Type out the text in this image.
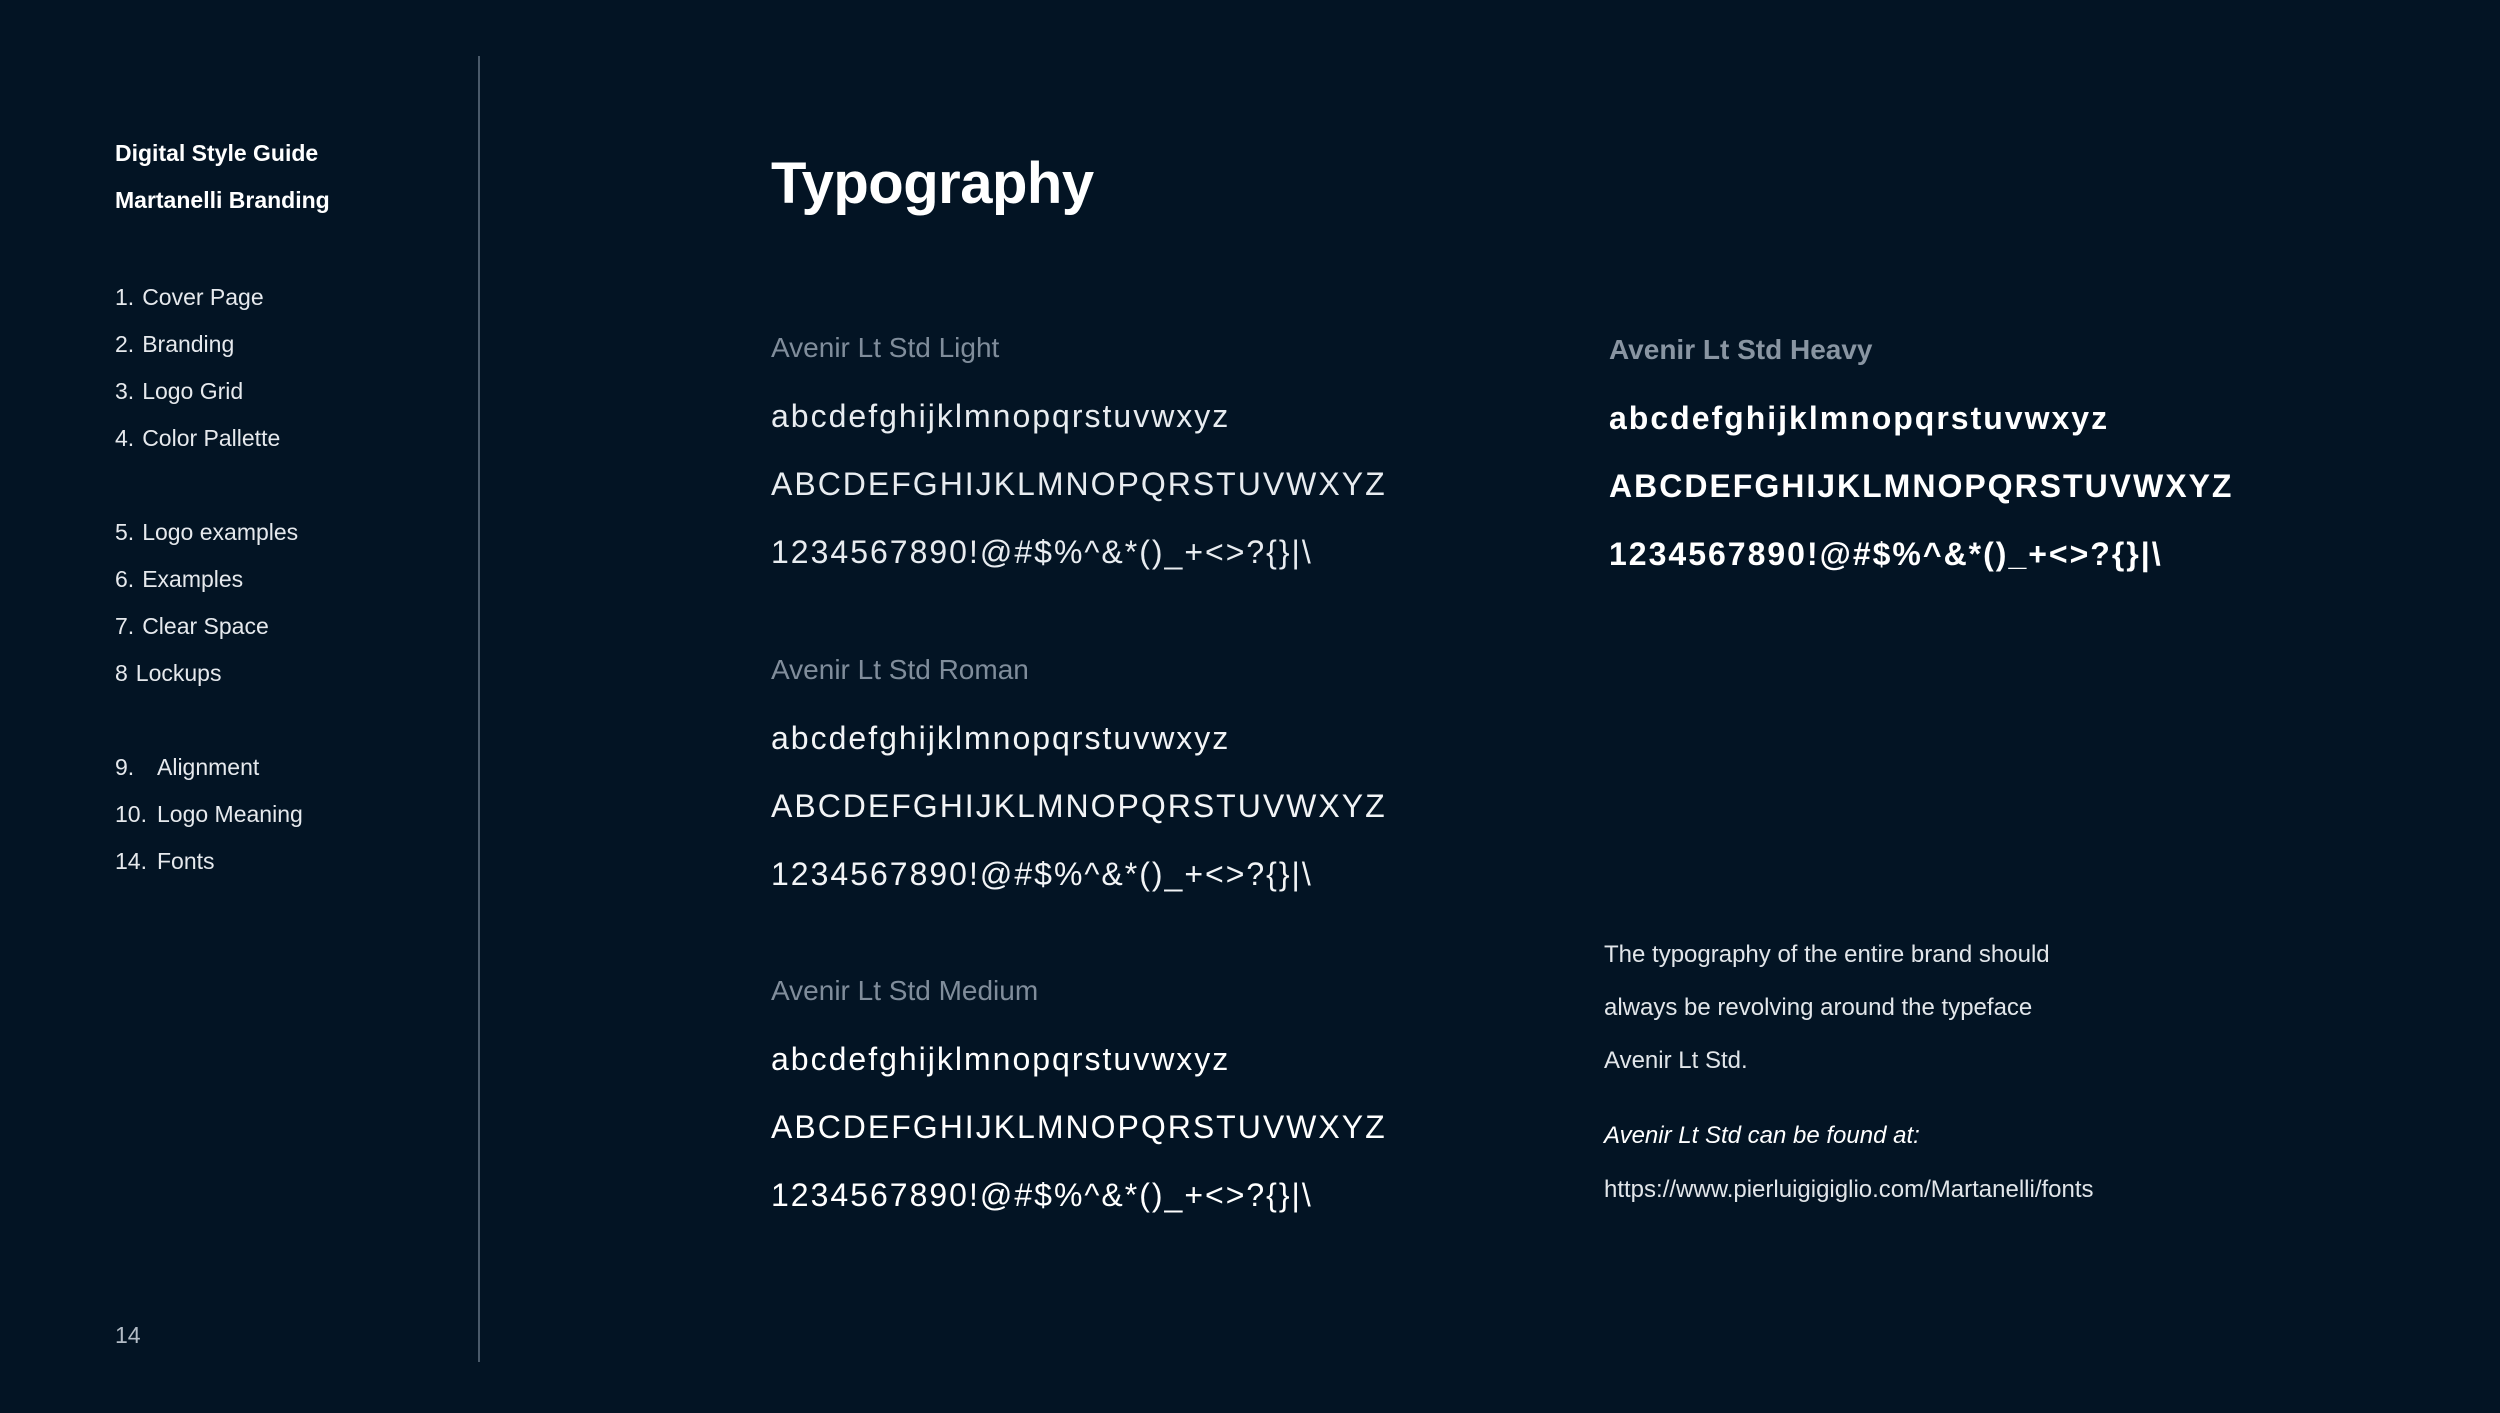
Digital Style Guide
Martanelli Branding
1. Cover Page
2. Branding
3. Logo Grid
4. Color Pallette
5. Logo examples
6. Examples
7. Clear Space
8 Lockups
9. Alignment
10. Logo Meaning
14. Fonts
14
Typography
Avenir Lt Std Light
abcdefghijklmnopqrstuvwxyz
ABCDEFGHIJKLMNOPQRSTUVWXYZ
1234567890!@#$%^&*()_+<>?{}|\
Avenir Lt Std Roman
abcdefghijklmnopqrstuvwxyz
ABCDEFGHIJKLMNOPQRSTUVWXYZ
1234567890!@#$%^&*()_+<>?{}|\
Avenir Lt Std Medium
abcdefghijklmnopqrstuvwxyz
ABCDEFGHIJKLMNOPQRSTUVWXYZ
1234567890!@#$%^&*()_+<>?{}|\
Avenir Lt Std Heavy
abcdefghijklmnopqrstuvwxyz
ABCDEFGHIJKLMNOPQRSTUVWXYZ
1234567890!@#$%^&*()_+<>?{}|\
The typography of the entire brand should
always be revolving around the typeface
Avenir Lt Std.
Avenir Lt Std can be found at:
https://www.pierluigigiglio.com/Martanelli/fonts
